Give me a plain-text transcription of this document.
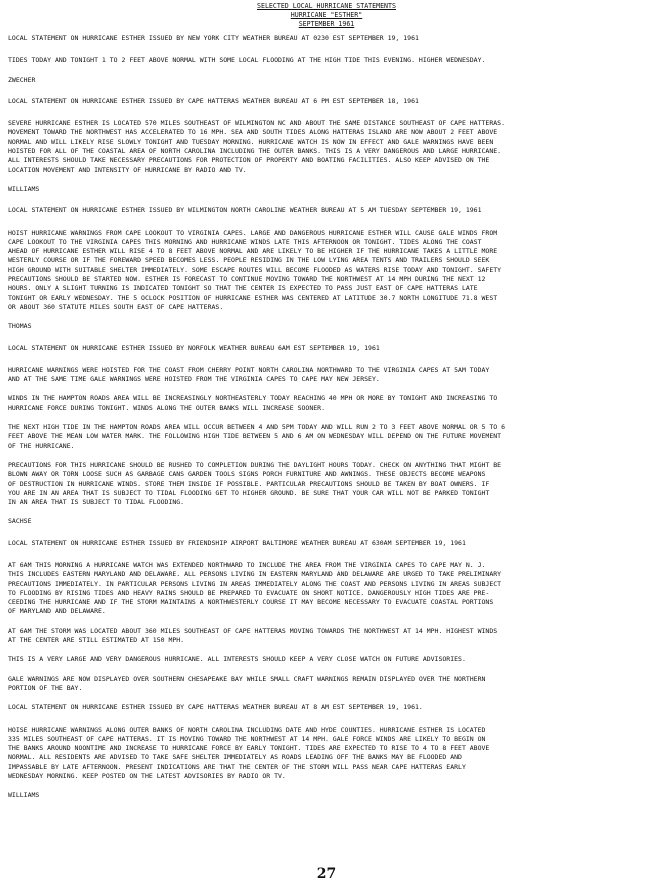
SELECTED LOCAL HURRICANE STATEMENTS
HURRICANE "ESTHER"
SEPTEMBER 1961

LOCAL STATEMENT ON HURRICANE ESTHER ISSUED BY NEW YORK CITY WEATHER BUREAU AT 0230 EST SEPTEMBER 19, 1961

TIDES TODAY AND TONIGHT 1 TO 2 FEET ABOVE NORMAL WITH SOME LOCAL FLOODING AT THE HIGH TIDE THIS EVENING. HIGHER WEDNESDAY.

ZWECHER

LOCAL STATEMENT ON HURRICANE ESTHER ISSUED BY CAPE HATTERAS WEATHER BUREAU AT 6 PM EST SEPTEMBER 18, 1961

SEVERE HURRICANE ESTHER IS LOCATED 570 MILES SOUTHEAST OF WILMINGTON NC AND ABOUT THE SAME DISTANCE SOUTHEAST OF CAPE HATTERAS.
MOVEMENT TOWARD THE NORTHWEST HAS ACCELERATED TO 16 MPH. SEA AND SOUTH TIDES ALONG HATTERAS ISLAND ARE NOW ABOUT 2 FEET ABOVE
NORMAL AND WILL LIKELY RISE SLOWLY TONIGHT AND TUESDAY MORNING. HURRICANE WATCH IS NOW IN EFFECT AND GALE WARNINGS HAVE BEEN
HOISTED FOR ALL OF THE COASTAL AREA OF NORTH CAROLINA INCLUDING THE OUTER BANKS. THIS IS A VERY DANGEROUS AND LARGE HURRICANE.
ALL INTERESTS SHOULD TAKE NECESSARY PRECAUTIONS FOR PROTECTION OF PROPERTY AND BOATING FACILITIES. ALSO KEEP ADVISED ON THE
LOCATION MOVEMENT AND INTENSITY OF HURRICANE BY RADIO AND TV.

WILLIAMS

LOCAL STATEMENT ON HURRICANE ESTHER ISSUED BY WILMINGTON NORTH CAROLINE WEATHER BUREAU AT 5 AM TUESDAY SEPTEMBER 19, 1961

HOIST HURRICANE WARNINGS FROM CAPE LOOKOUT TO VIRGINIA CAPES. LARGE AND DANGEROUS HURRICANE ESTHER WILL CAUSE GALE WINDS FROM
CAPE LOOKOUT TO THE VIRGINIA CAPES THIS MORNING AND HURRICANE WINDS LATE THIS AFTERNOON OR TONIGHT. TIDES ALONG THE COAST
AHEAD OF HURRICANE ESTHER WILL RISE 4 TO 8 FEET ABOVE NORMAL AND ARE LIKELY TO BE HIGHER IF THE HURRICANE TAKES A LITTLE MORE
WESTERLY COURSE OR IF THE FOREWARD SPEED BECOMES LESS. PEOPLE RESIDING IN THE LOW LYING AREA TENTS AND TRAILERS SHOULD SEEK
HIGH GROUND WITH SUITABLE SHELTER IMMEDIATELY. SOME ESCAPE ROUTES WILL BECOME FLOODED AS WATERS RISE TODAY AND TONIGHT. SAFETY
PRECAUTIONS SHOULD BE STARTED NOW. ESTHER IS FORECAST TO CONTINUE MOVING TOWARD THE NORTHWEST AT 14 MPH DURING THE NEXT 12
HOURS. ONLY A SLIGHT TURNING IS INDICATED TONIGHT SO THAT THE CENTER IS EXPECTED TO PASS JUST EAST OF CAPE HATTERAS LATE
TONIGHT OR EARLY WEDNESDAY. THE 5 OCLOCK POSITION OF HURRICANE ESTHER WAS CENTERED AT LATITUDE 30.7 NORTH LONGITUDE 71.8 WEST
OR ABOUT 360 STATUTE MILES SOUTH EAST OF CAPE HATTERAS.

THOMAS

LOCAL STATEMENT ON HURRICANE ESTHER ISSUED BY NORFOLK WEATHER BUREAU 6AM EST SEPTEMBER 19, 1961

HURRICANE WARNINGS WERE HOISTED FOR THE COAST FROM CHERRY POINT NORTH CAROLINA NORTHWARD TO THE VIRGINIA CAPES AT 5AM TODAY
AND AT THE SAME TIME GALE WARNINGS WERE HOISTED FROM THE VIRGINIA CAPES TO CAPE MAY NEW JERSEY.

WINDS IN THE HAMPTON ROADS AREA WILL BE INCREASINGLY NORTHEASTERLY TODAY REACHING 40 MPH OR MORE BY TONIGHT AND INCREASING TO
HURRICANE FORCE DURING TONIGHT. WINDS ALONG THE OUTER BANKS WILL INCREASE SOONER.

THE NEXT HIGH TIDE IN THE HAMPTON ROADS AREA WILL OCCUR BETWEEN 4 AND 5PM TODAY AND WILL RUN 2 TO 3 FEET ABOVE NORMAL OR 5 TO 6
FEET ABOVE THE MEAN LOW WATER MARK. THE FOLLOWING HIGH TIDE BETWEEN 5 AND 6 AM ON WEDNESDAY WILL DEPEND ON THE FUTURE MOVEMENT
OF THE HURRICANE.

PRECAUTIONS FOR THIS HURRICANE SHOULD BE RUSHED TO COMPLETION DURING THE DAYLIGHT HOURS TODAY. CHECK ON ANYTHING THAT MIGHT BE
BLOWN AWAY OR TORN LOOSE SUCH AS GARBAGE CANS GARDEN TOOLS SIGNS PORCH FURNITURE AND AWNINGS. THESE OBJECTS BECOME WEAPONS
OF DESTRUCTION IN HURRICANE WINDS. STORE THEM INSIDE IF POSSIBLE. PARTICULAR PRECAUTIONS SHOULD BE TAKEN BY BOAT OWNERS. IF
YOU ARE IN AN AREA THAT IS SUBJECT TO TIDAL FLOODING GET TO HIGHER GROUND. BE SURE THAT YOUR CAR WILL NOT BE PARKED TONIGHT
IN AN AREA THAT IS SUBJECT TO TIDAL FLOODING.

SACHSE

LOCAL STATEMENT ON HURRICANE ESTHER ISSUED BY FRIENDSHIP AIRPORT BALTIMORE WEATHER BUREAU AT 630AM SEPTEMBER 19, 1961

AT 6AM THIS MORNING A HURRICANE WATCH WAS EXTENDED NORTHWARD TO INCLUDE THE AREA FROM THE VIRGINIA CAPES TO CAPE MAY N. J.
THIS INCLUDES EASTERN MARYLAND AND DELAWARE. ALL PERSONS LIVING IN EASTERN MARYLAND AND DELAWARE ARE URGED TO TAKE PRELIMINARY
PRECAUTIONS IMMEDIATELY. IN PARTICULAR PERSONS LIVING IN AREAS IMMEDIATELY ALONG THE COAST AND PERSONS LIVING IN AREAS SUBJECT
TO FLOODING BY RISING TIDES AND HEAVY RAINS SHOULD BE PREPARED TO EVACUATE ON SHORT NOTICE. DANGEROUSLY HIGH TIDES ARE PRE-
CEEDING THE HURRICANE AND IF THE STORM MAINTAINS A NORTHWESTERLY COURSE IT MAY BECOME NECESSARY TO EVACUATE COASTAL PORTIONS
OF MARYLAND AND DELAWARE.

AT 6AM THE STORM WAS LOCATED ABOUT 360 MILES SOUTHEAST OF CAPE HATTERAS MOVING TOWARDS THE NORTHWEST AT 14 MPH. HIGHEST WINDS
AT THE CENTER ARE STILL ESTIMATED AT 150 MPH.

THIS IS A VERY LARGE AND VERY DANGEROUS HURRICANE. ALL INTERESTS SHOULD KEEP A VERY CLOSE WATCH ON FUTURE ADVISORIES.

GALE WARNINGS ARE NOW DISPLAYED OVER SOUTHERN CHESAPEAKE BAY WHILE SMALL CRAFT WARNINGS REMAIN DISPLAYED OVER THE NORTHERN
PORTION OF THE BAY.

LOCAL STATEMENT ON HURRICANE ESTHER ISSUED BY CAPE HATTERAS WEATHER BUREAU AT 8 AM EST SEPTEMBER 19, 1961.

HOISE HURRICANE WARNINGS ALONG OUTER BANKS OF NORTH CAROLINA INCLUDING DATE AND HYDE COUNTIES. HURRICANE ESTHER IS LOCATED
335 MILES SOUTHEAST OF CAPE HATTERAS. IT IS MOVING TOWARD THE NORTHWEST AT 14 MPH. GALE FORCE WINDS ARE LIKELY TO BEGIN ON
THE BANKS AROUND NOONTIME AND INCREASE TO HURRICANE FORCE BY EARLY TONIGHT. TIDES ARE EXPECTED TO RISE TO 4 TO 8 FEET ABOVE
NORMAL. ALL RESIDENTS ARE ADVISED TO TAKE SAFE SHELTER IMMEDIATELY AS ROADS LEADING OFF THE BANKS MAY BE FLOODED AND
IMPASSABLE BY LATE AFTERNOON. PRESENT INDICATIONS ARE THAT THE CENTER OF THE STORM WILL PASS NEAR CAPE HATTERAS EARLY
WEDNESDAY MORNING. KEEP POSTED ON THE LATEST ADVISORIES BY RADIO OR TV.

WILLIAMS

27
